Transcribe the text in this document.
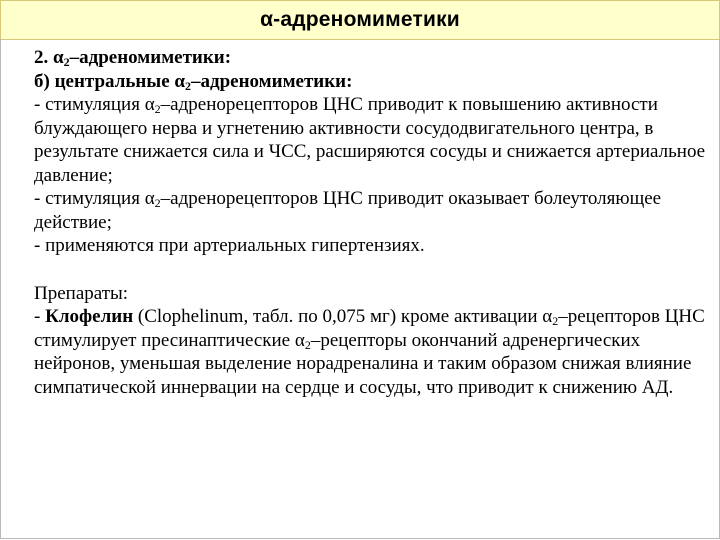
α-адреномиметики

2. $\alpha_2$–адреномиметики:

б) центральные $\alpha_2$–адреномиметики:

- стимуляция $\alpha_2$–адренорецепторов ЦНС приводит к повышению активности блуждающего нерва и угнетению активности сосудодвигательного центра, в результате снижается сила и ЧСС, расширяются сосуды и снижается артериальное давление;

- стимуляция $\alpha_2$–адренорецепторов ЦНС приводит оказывает болеутоляющее действие;

- применяются при артериальных гипертензиях.

Препараты:

- Клофелин (Clophelinum, табл. по 0,075 мг) кроме активации $\alpha_2$–рецепторов ЦНС стимулирует пресинаптические $\alpha_2$–рецепторы окончаний адренергических нейронов, уменьшая выделение норадреналина и таким образом снижая влияние симпатической иннервации на сердце и сосуды, что приводит к снижению АД.
